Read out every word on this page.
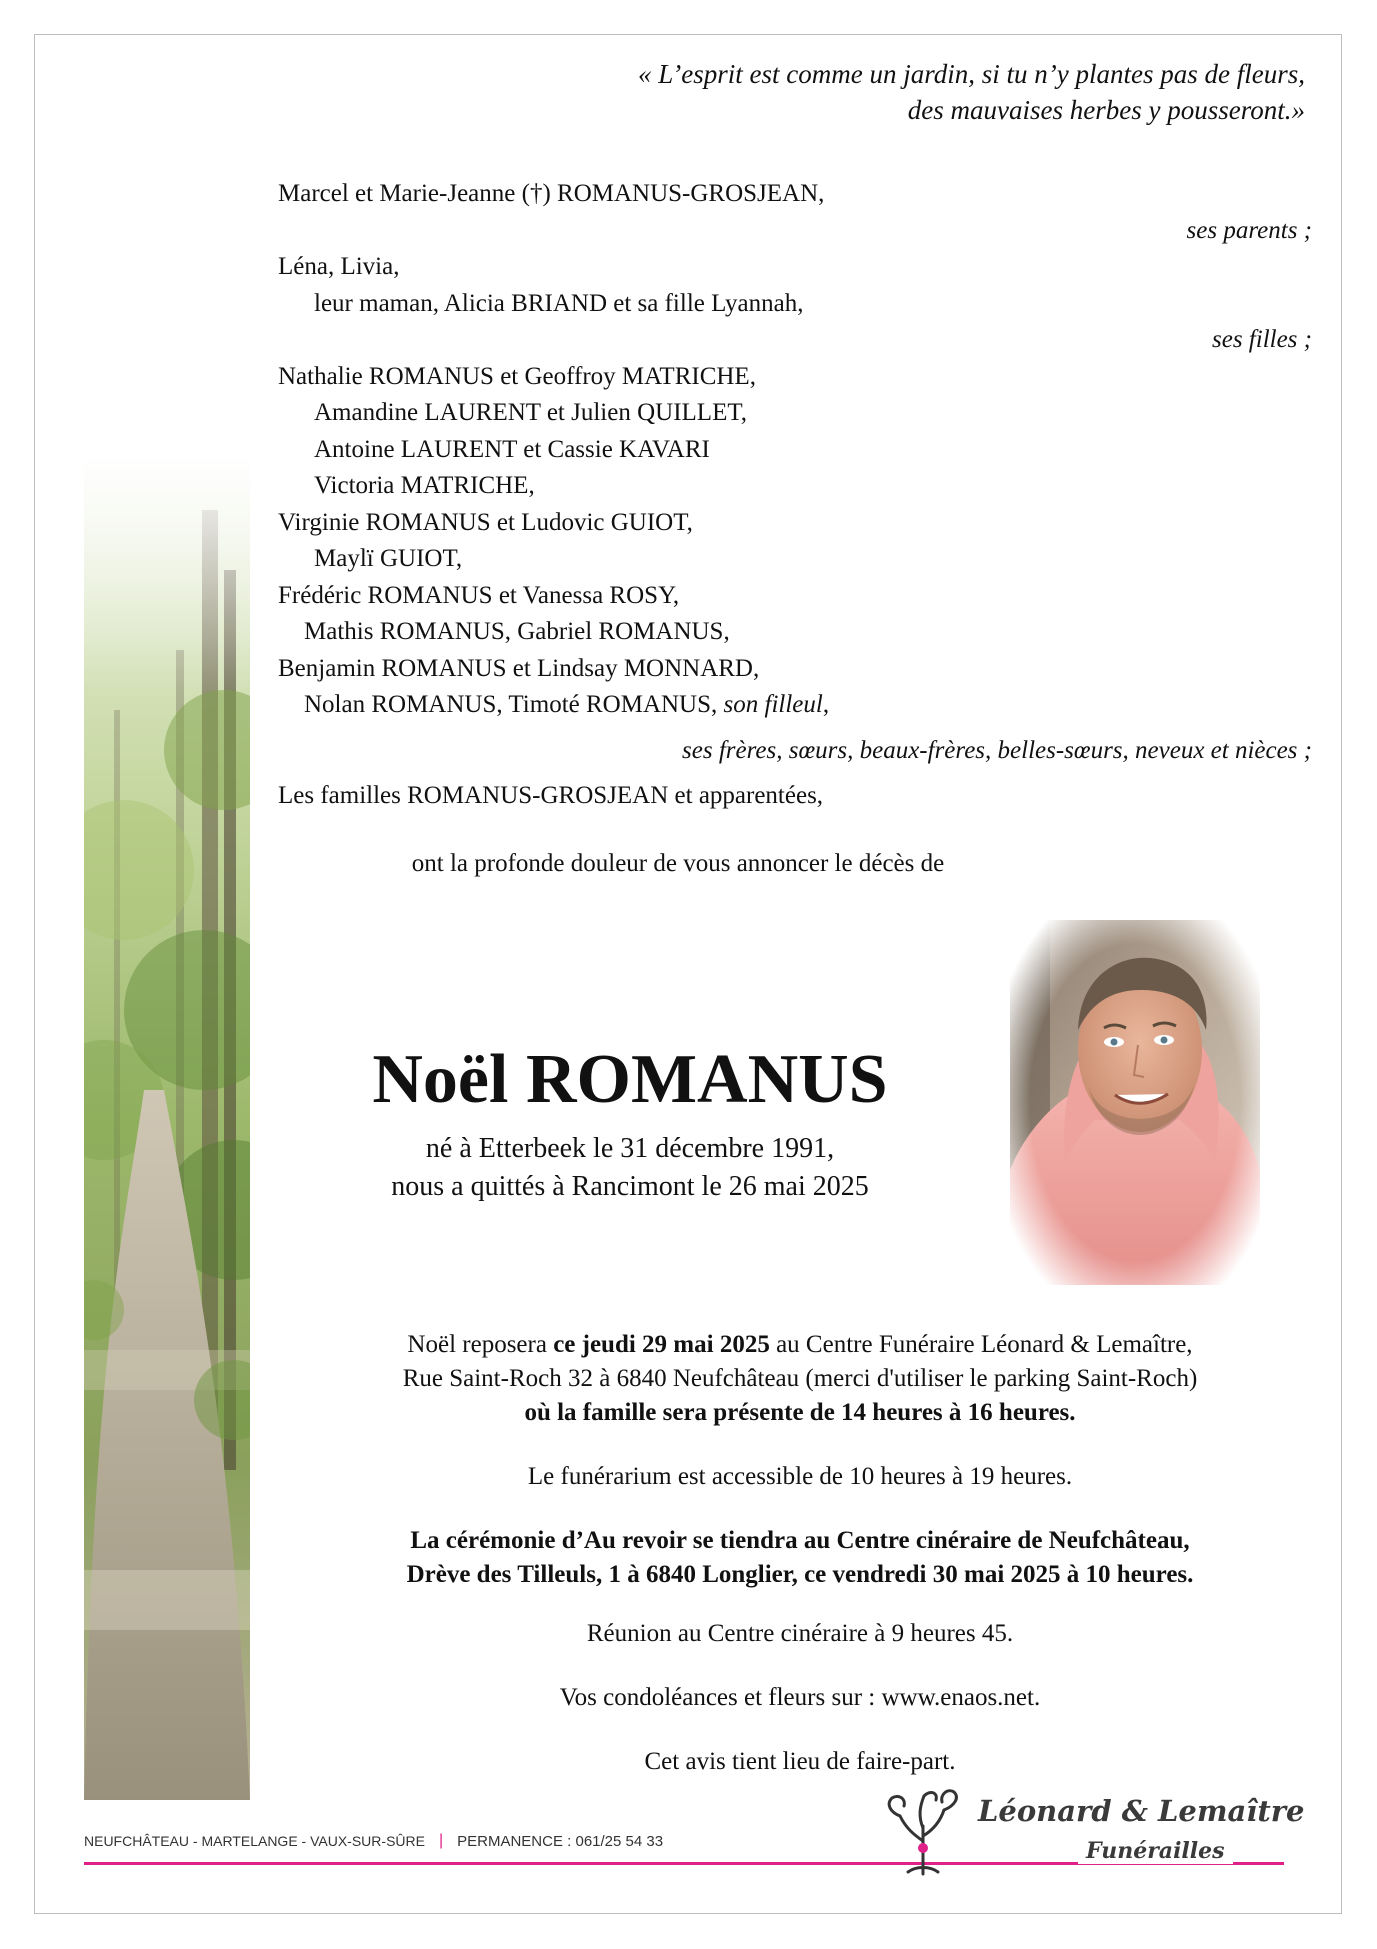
« L’esprit est comme un jardin, si tu n’y plantes pas de fleurs,
des mauvaises herbes y pousseront.»
Marcel et Marie-Jeanne (†) ROMANUS-GROSJEAN,
ses parents ;
Léna, Livia,
leur maman, Alicia BRIAND et sa fille Lyannah,
ses filles ;
Nathalie ROMANUS et Geoffroy MATRICHE,
Amandine LAURENT et Julien QUILLET,
Antoine LAURENT et Cassie KAVARI
Victoria MATRICHE,
Virginie ROMANUS et Ludovic GUIOT,
Maylï GUIOT,
Frédéric ROMANUS et Vanessa ROSY,
Mathis ROMANUS, Gabriel ROMANUS,
Benjamin ROMANUS et Lindsay MONNARD,
Nolan ROMANUS, Timoté ROMANUS, son filleul,
ses frères, sœurs, beaux-frères, belles-sœurs, neveux et nièces ;
Les familles ROMANUS-GROSJEAN et apparentées,
ont la profonde douleur de vous annoncer le décès de
Noël ROMANUS
né à Etterbeek le 31 décembre 1991,
nous a quittés à Rancimont le 26 mai 2025
Noël reposera ce jeudi 29 mai 2025 au Centre Funéraire Léonard & Lemaître,
Rue Saint-Roch 32 à 6840 Neufchâteau (merci d'utiliser le parking Saint-Roch)
où la famille sera présente de 14 heures à 16 heures.
Le funérarium est accessible de 10 heures à 19 heures.
La cérémonie d’Au revoir se tiendra au Centre cinéraire de Neufchâteau,
Drève des Tilleuls, 1 à 6840 Longlier, ce vendredi 30 mai 2025 à 10 heures.
Réunion au Centre cinéraire à 9 heures 45.
Vos condoléances et fleurs sur : www.enaos.net.
Cet avis tient lieu de faire-part.
NEUFCHÂTEAU - MARTELANGE - VAUX-SUR-SÛRE | PERMANENCE : 061/25 54 33
Léonard & Lemaître
Funérailles
